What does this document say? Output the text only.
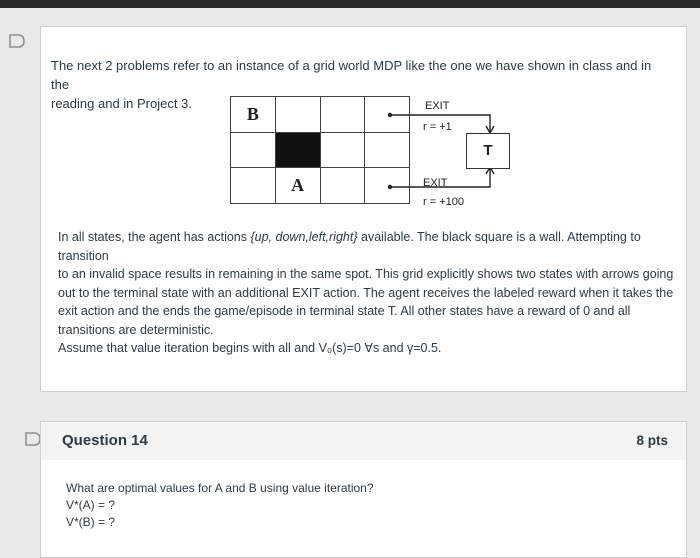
The next 2 problems refer to an instance of a grid world MDP like the one we have shown in class and in the
reading and in Project 3.
B			

	A		
EXIT
r = +1
EXIT
r = +100
T
In all states, the agent has actions {up, down,left,right} available. The black square is a wall. Attempting to transition
to an invalid space results in remaining in the same spot. This grid explicitly shows two states with arrows going
out to the terminal state with an additional EXIT action. The agent receives the labeled reward when it takes the
exit action and the ends the game/episode in terminal state T. All other states have a reward of 0 and all
transitions are deterministic.
Assume that value iteration begins with all and V₀(s)=0 ∀s and γ=0.5.
Question 14	8 pts
What are optimal values for A and B using value iteration?
V*(A) = ?
V*(B) = ?
